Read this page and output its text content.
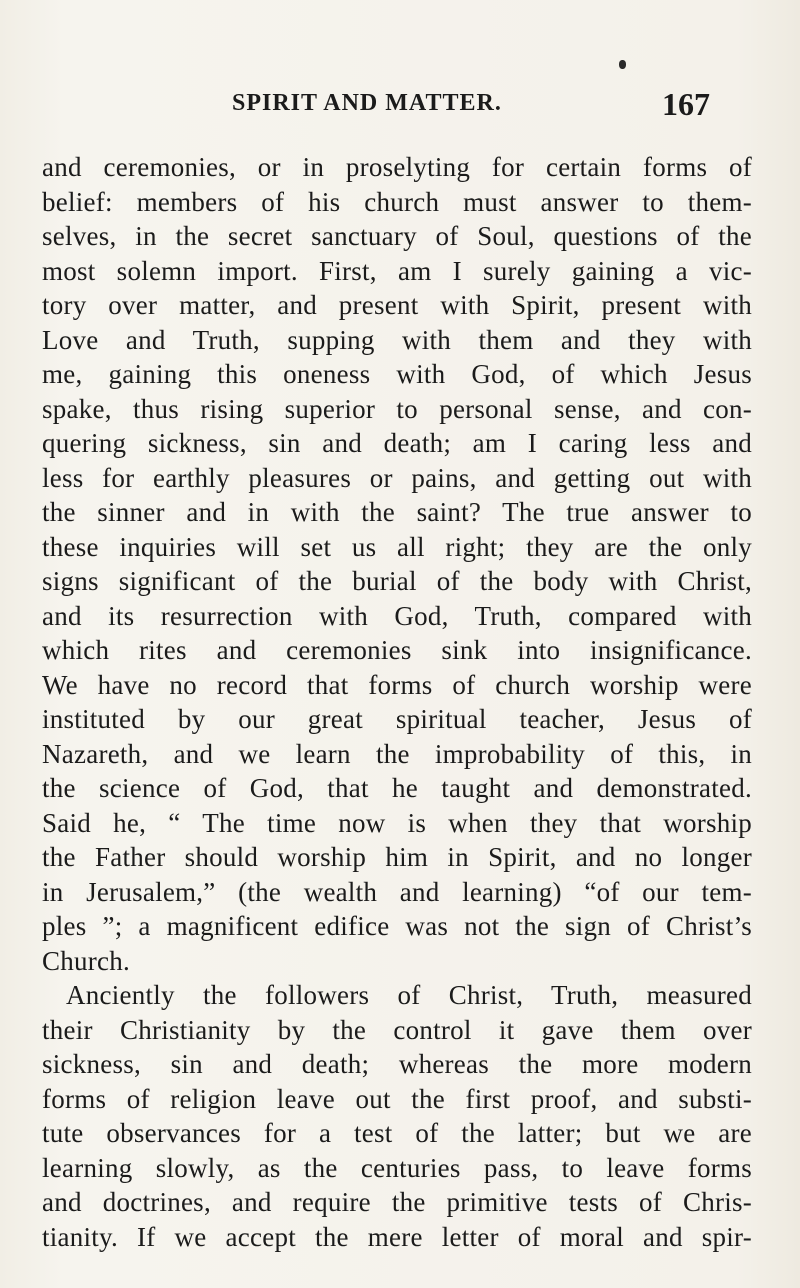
SPIRIT AND MATTER.	167
and ceremonies, or in proselyting for certain forms of
belief: members of his church must answer to them-
selves, in the secret sanctuary of Soul, questions of the
most solemn import. First, am I surely gaining a vic-
tory over matter, and present with Spirit, present with
Love and Truth, supping with them and they with
me, gaining this oneness with God, of which Jesus
spake, thus rising superior to personal sense, and con-
quering sickness, sin and death; am I caring less and
less for earthly pleasures or pains, and getting out with
the sinner and in with the saint? The true answer to
these inquiries will set us all right; they are the only
signs significant of the burial of the body with Christ,
and its resurrection with God, Truth, compared with
which rites and ceremonies sink into insignificance.
We have no record that forms of church worship were
instituted by our great spiritual teacher, Jesus of
Nazareth, and we learn the improbability of this, in
the science of God, that he taught and demonstrated.
Said he, “ The time now is when they that worship
the Father should worship him in Spirit, and no longer
in Jerusalem,” (the wealth and learning) “of our tem-
ples ”; a magnificent edifice was not the sign of Christ’s
Church.
Anciently the followers of Christ, Truth, measured
their Christianity by the control it gave them over
sickness, sin and death; whereas the more modern
forms of religion leave out the first proof, and substi-
tute observances for a test of the latter; but we are
learning slowly, as the centuries pass, to leave forms
and doctrines, and require the primitive tests of Chris-
tianity. If we accept the mere letter of moral and spir-
